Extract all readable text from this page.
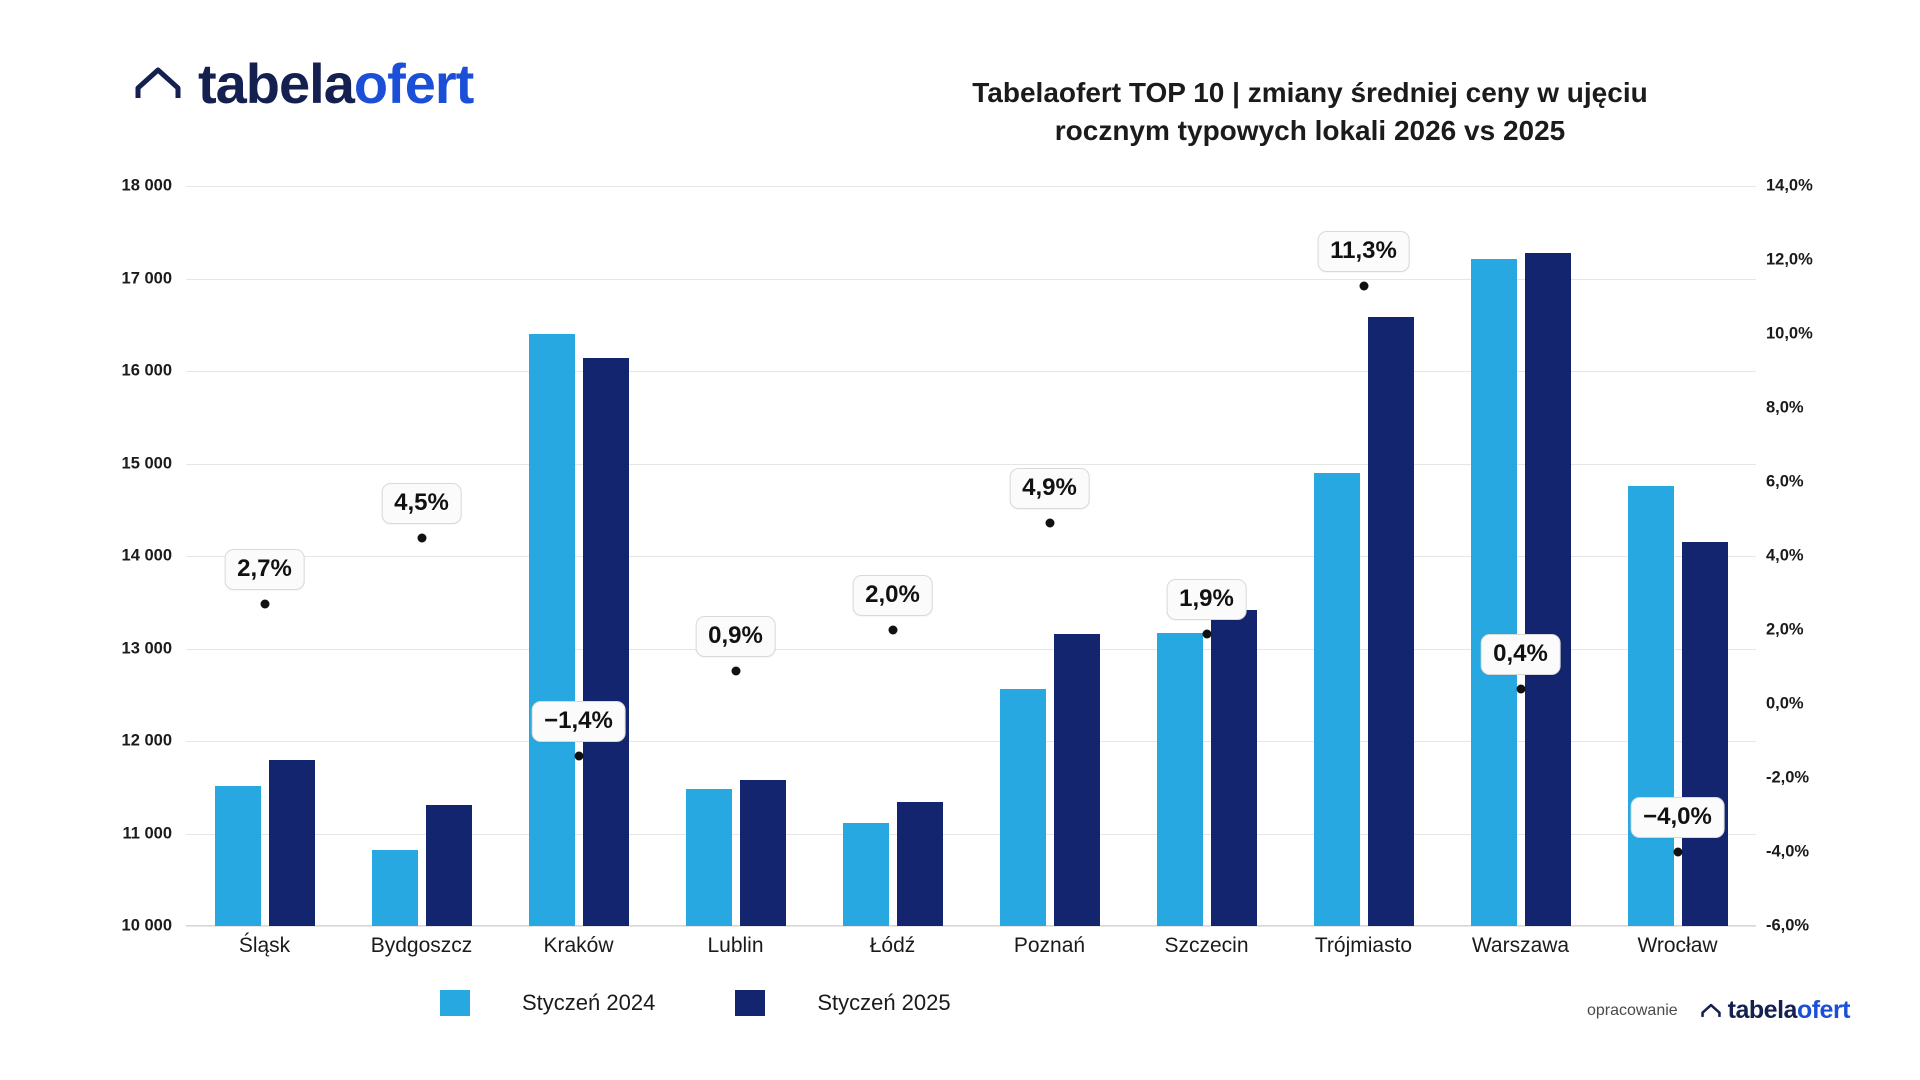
tabelaofert	Tabelaofert TOP 10 | zmiany średniej ceny w ujęciu
rocznym typowych lokali 2026 vs 2025
10 000
11 000
12 000
13 000
14 000
15 000
16 000
17 000
18 000
-6,0%
-4,0%
-2,0%
0,0%
2,0%
4,0%
6,0%
8,0%
10,0%
12,0%
14,0%
2,7%
Śląsk
4,5%
Bydgoszcz
−1,4%
Kraków
0,9%
Lublin
2,0%
Łódź
4,9%
Poznań
1,9%
Szczecin
11,3%
Trójmiasto
0,4%
Warszawa
−4,0%
Wrocław
Styczeń 2024	Styczeń 2025	opracowanie tabelaofert
